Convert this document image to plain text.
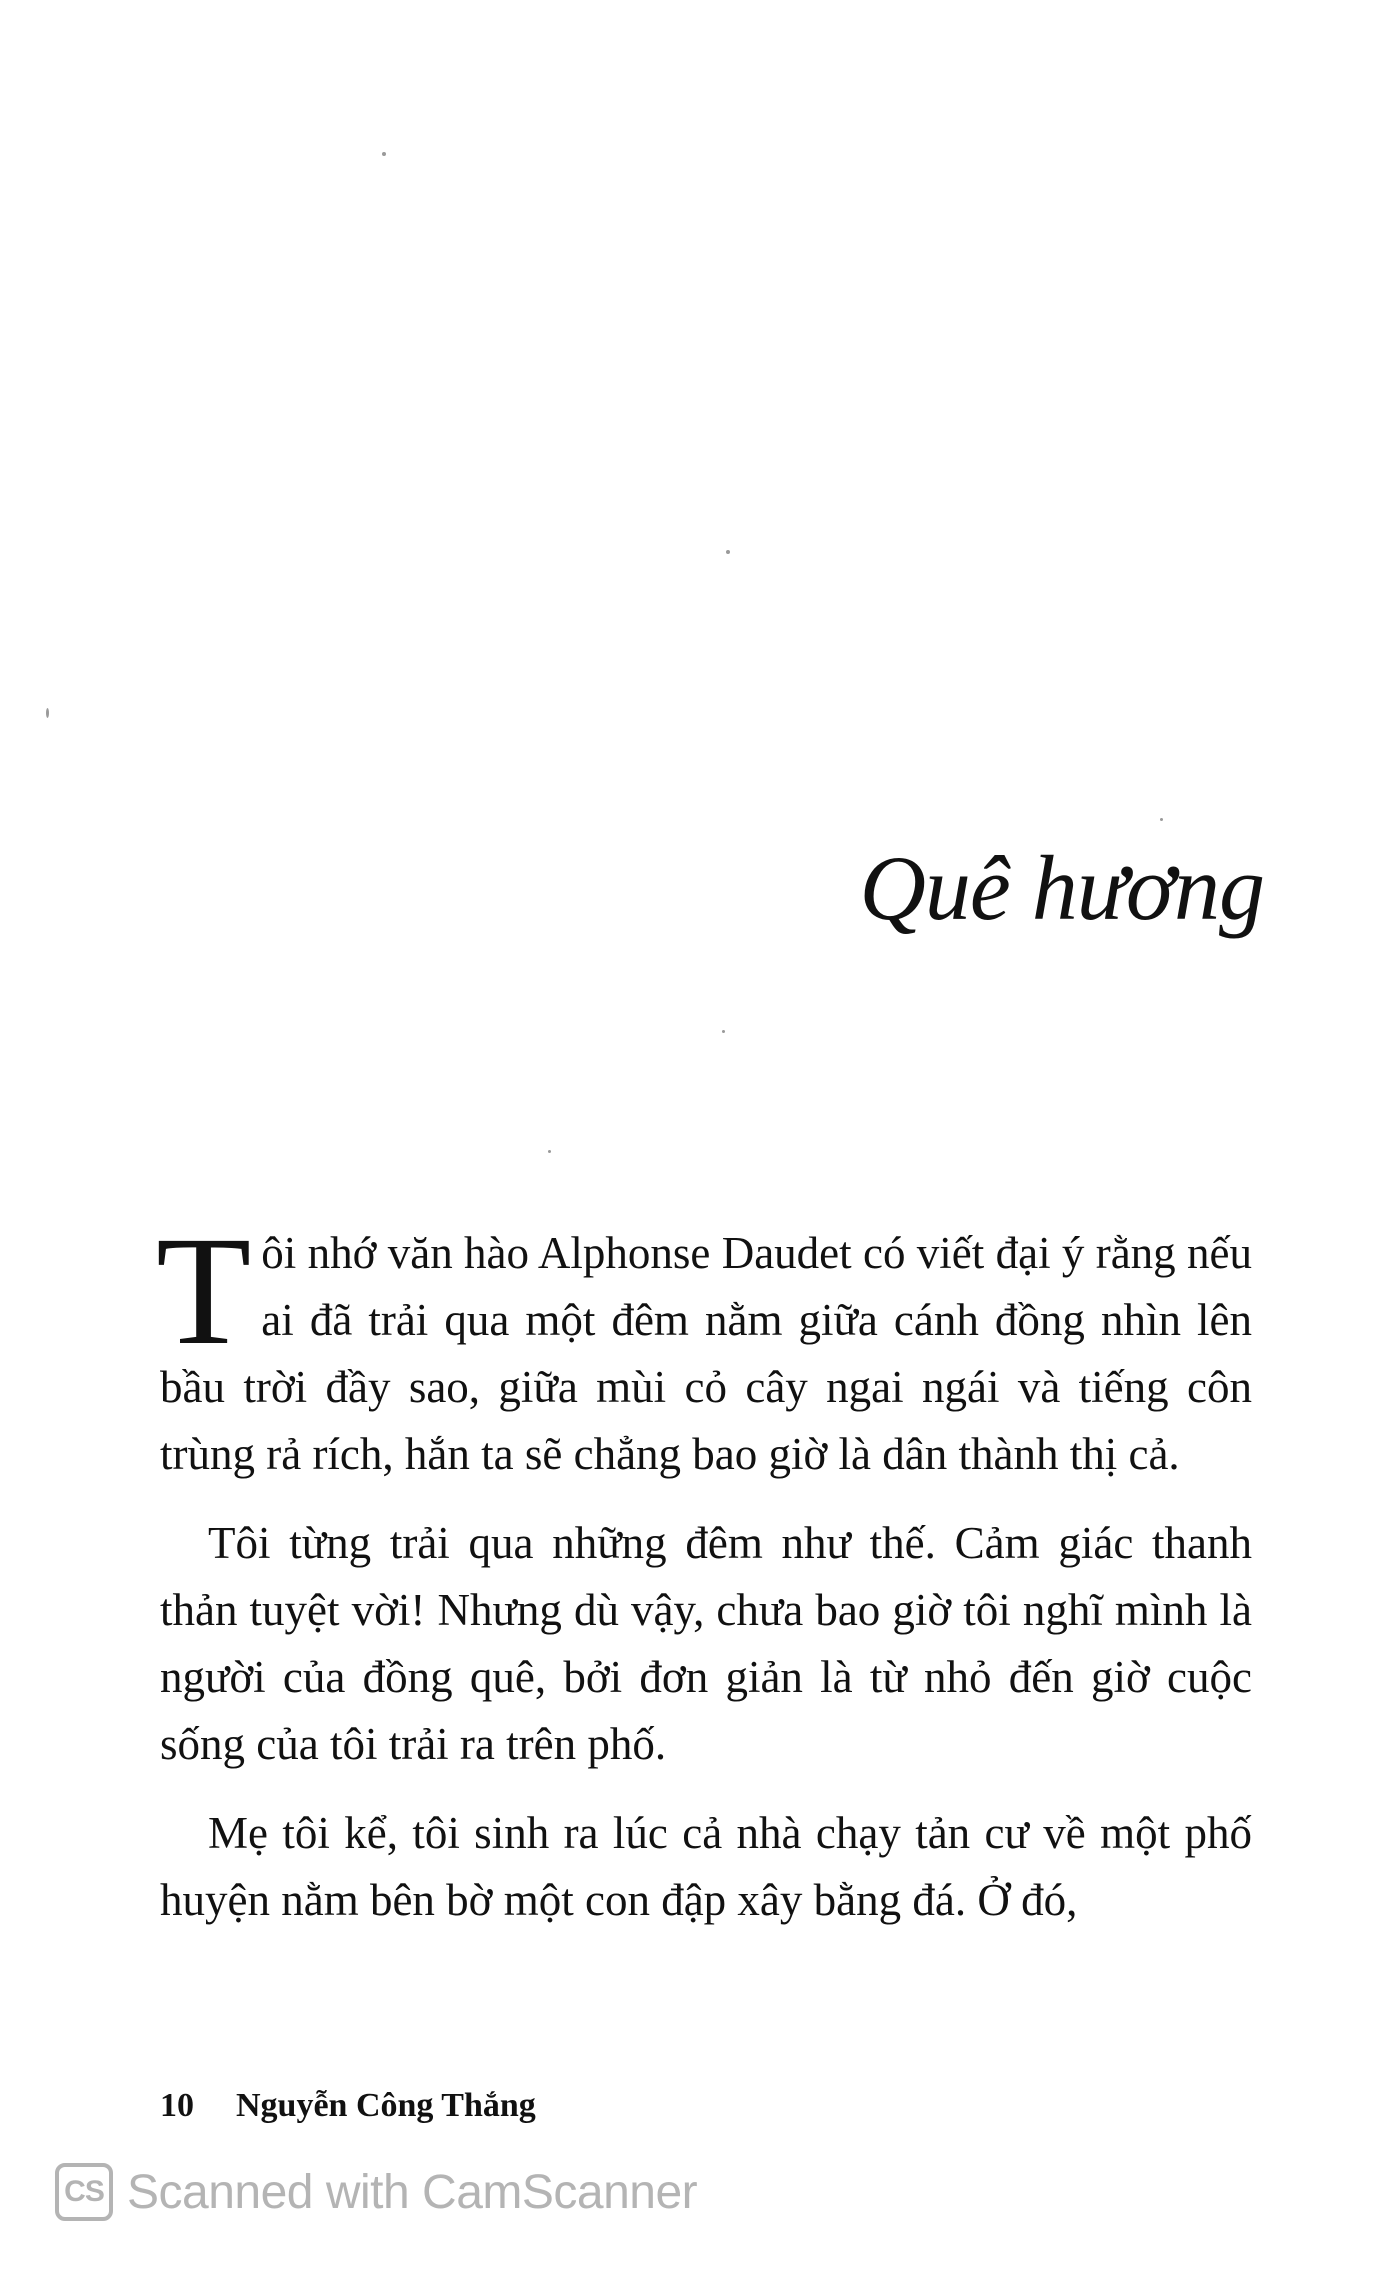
Quê hương

Tôi nhớ văn hào Alphonse Daudet có viết đại ý rằng nếu ai đã trải qua một đêm nằm giữa cánh đồng nhìn lên bầu trời đầy sao, giữa mùi cỏ cây ngai ngái và tiếng côn trùng rả rích, hắn ta sẽ chẳng bao giờ là dân thành thị cả.

Tôi từng trải qua những đêm như thế. Cảm giác thanh thản tuyệt vời! Nhưng dù vậy, chưa bao giờ tôi nghĩ mình là người của đồng quê, bởi đơn giản là từ nhỏ đến giờ cuộc sống của tôi trải ra trên phố.

Mẹ tôi kể, tôi sinh ra lúc cả nhà chạy tản cư về một phố huyện nằm bên bờ một con đập xây bằng đá. Ở đó,

10 Nguyễn Công Thắng
CS Scanned with CamScanner
